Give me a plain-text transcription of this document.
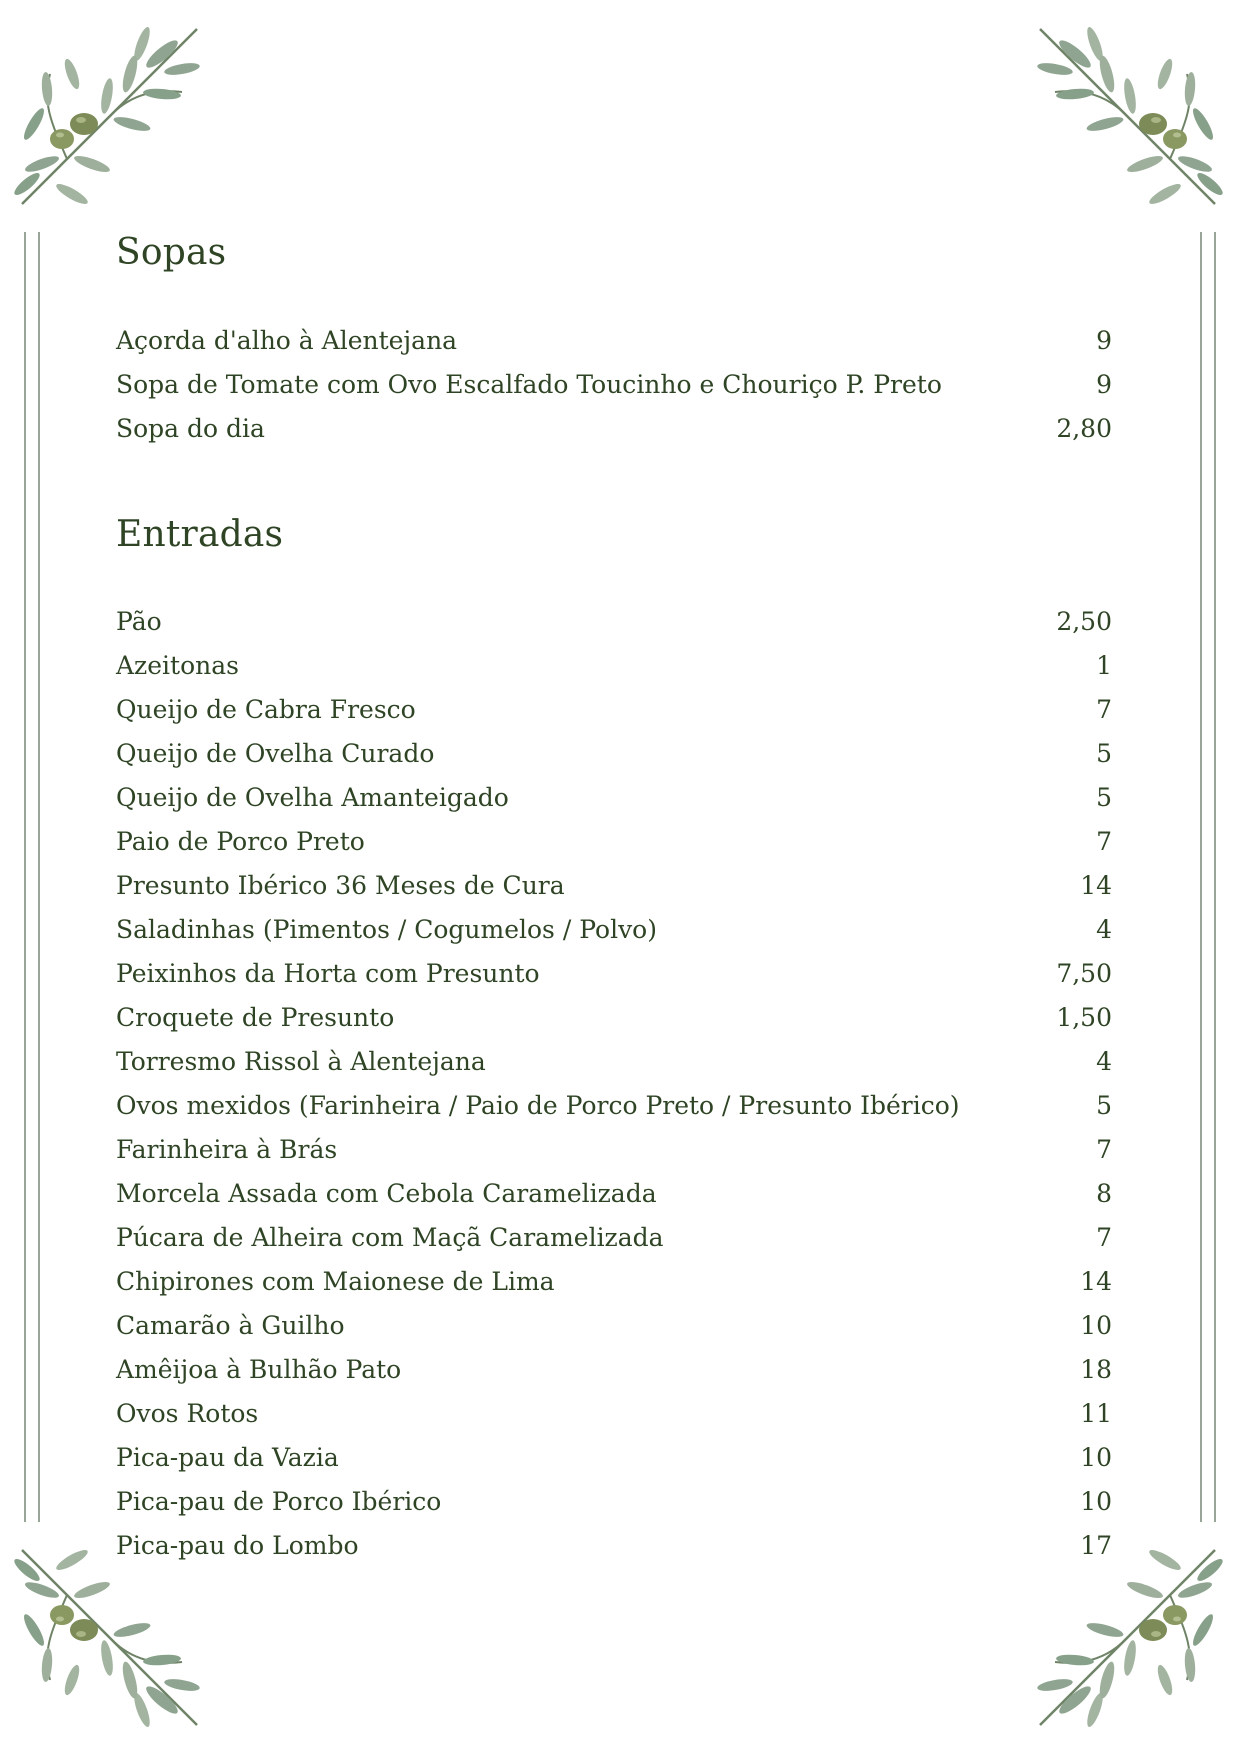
Sopas
Açorda d'alho à Alentejana	9
Sopa de Tomate com Ovo Escalfado Toucinho e Chouriço P. Preto	9
Sopa do dia	2,80
Entradas
Pão	2,50
Azeitonas	1
Queijo de Cabra Fresco	7
Queijo de Ovelha Curado	5
Queijo de Ovelha Amanteigado	5
Paio de Porco Preto	7
Presunto Ibérico 36 Meses de Cura	14
Saladinhas (Pimentos / Cogumelos / Polvo)	4
Peixinhos da Horta com Presunto	7,50
Croquete de Presunto	1,50
Torresmo Rissol à Alentejana	4
Ovos mexidos (Farinheira / Paio de Porco Preto / Presunto Ibérico)	5
Farinheira à Brás	7
Morcela Assada com Cebola Caramelizada	8
Púcara de Alheira com Maçã Caramelizada	7
Chipirones com Maionese de Lima	14
Camarão à Guilho	10
Amêijoa à Bulhão Pato	18
Ovos Rotos	11
Pica-pau da Vazia	10
Pica-pau de Porco Ibérico	10
Pica-pau do Lombo	17
